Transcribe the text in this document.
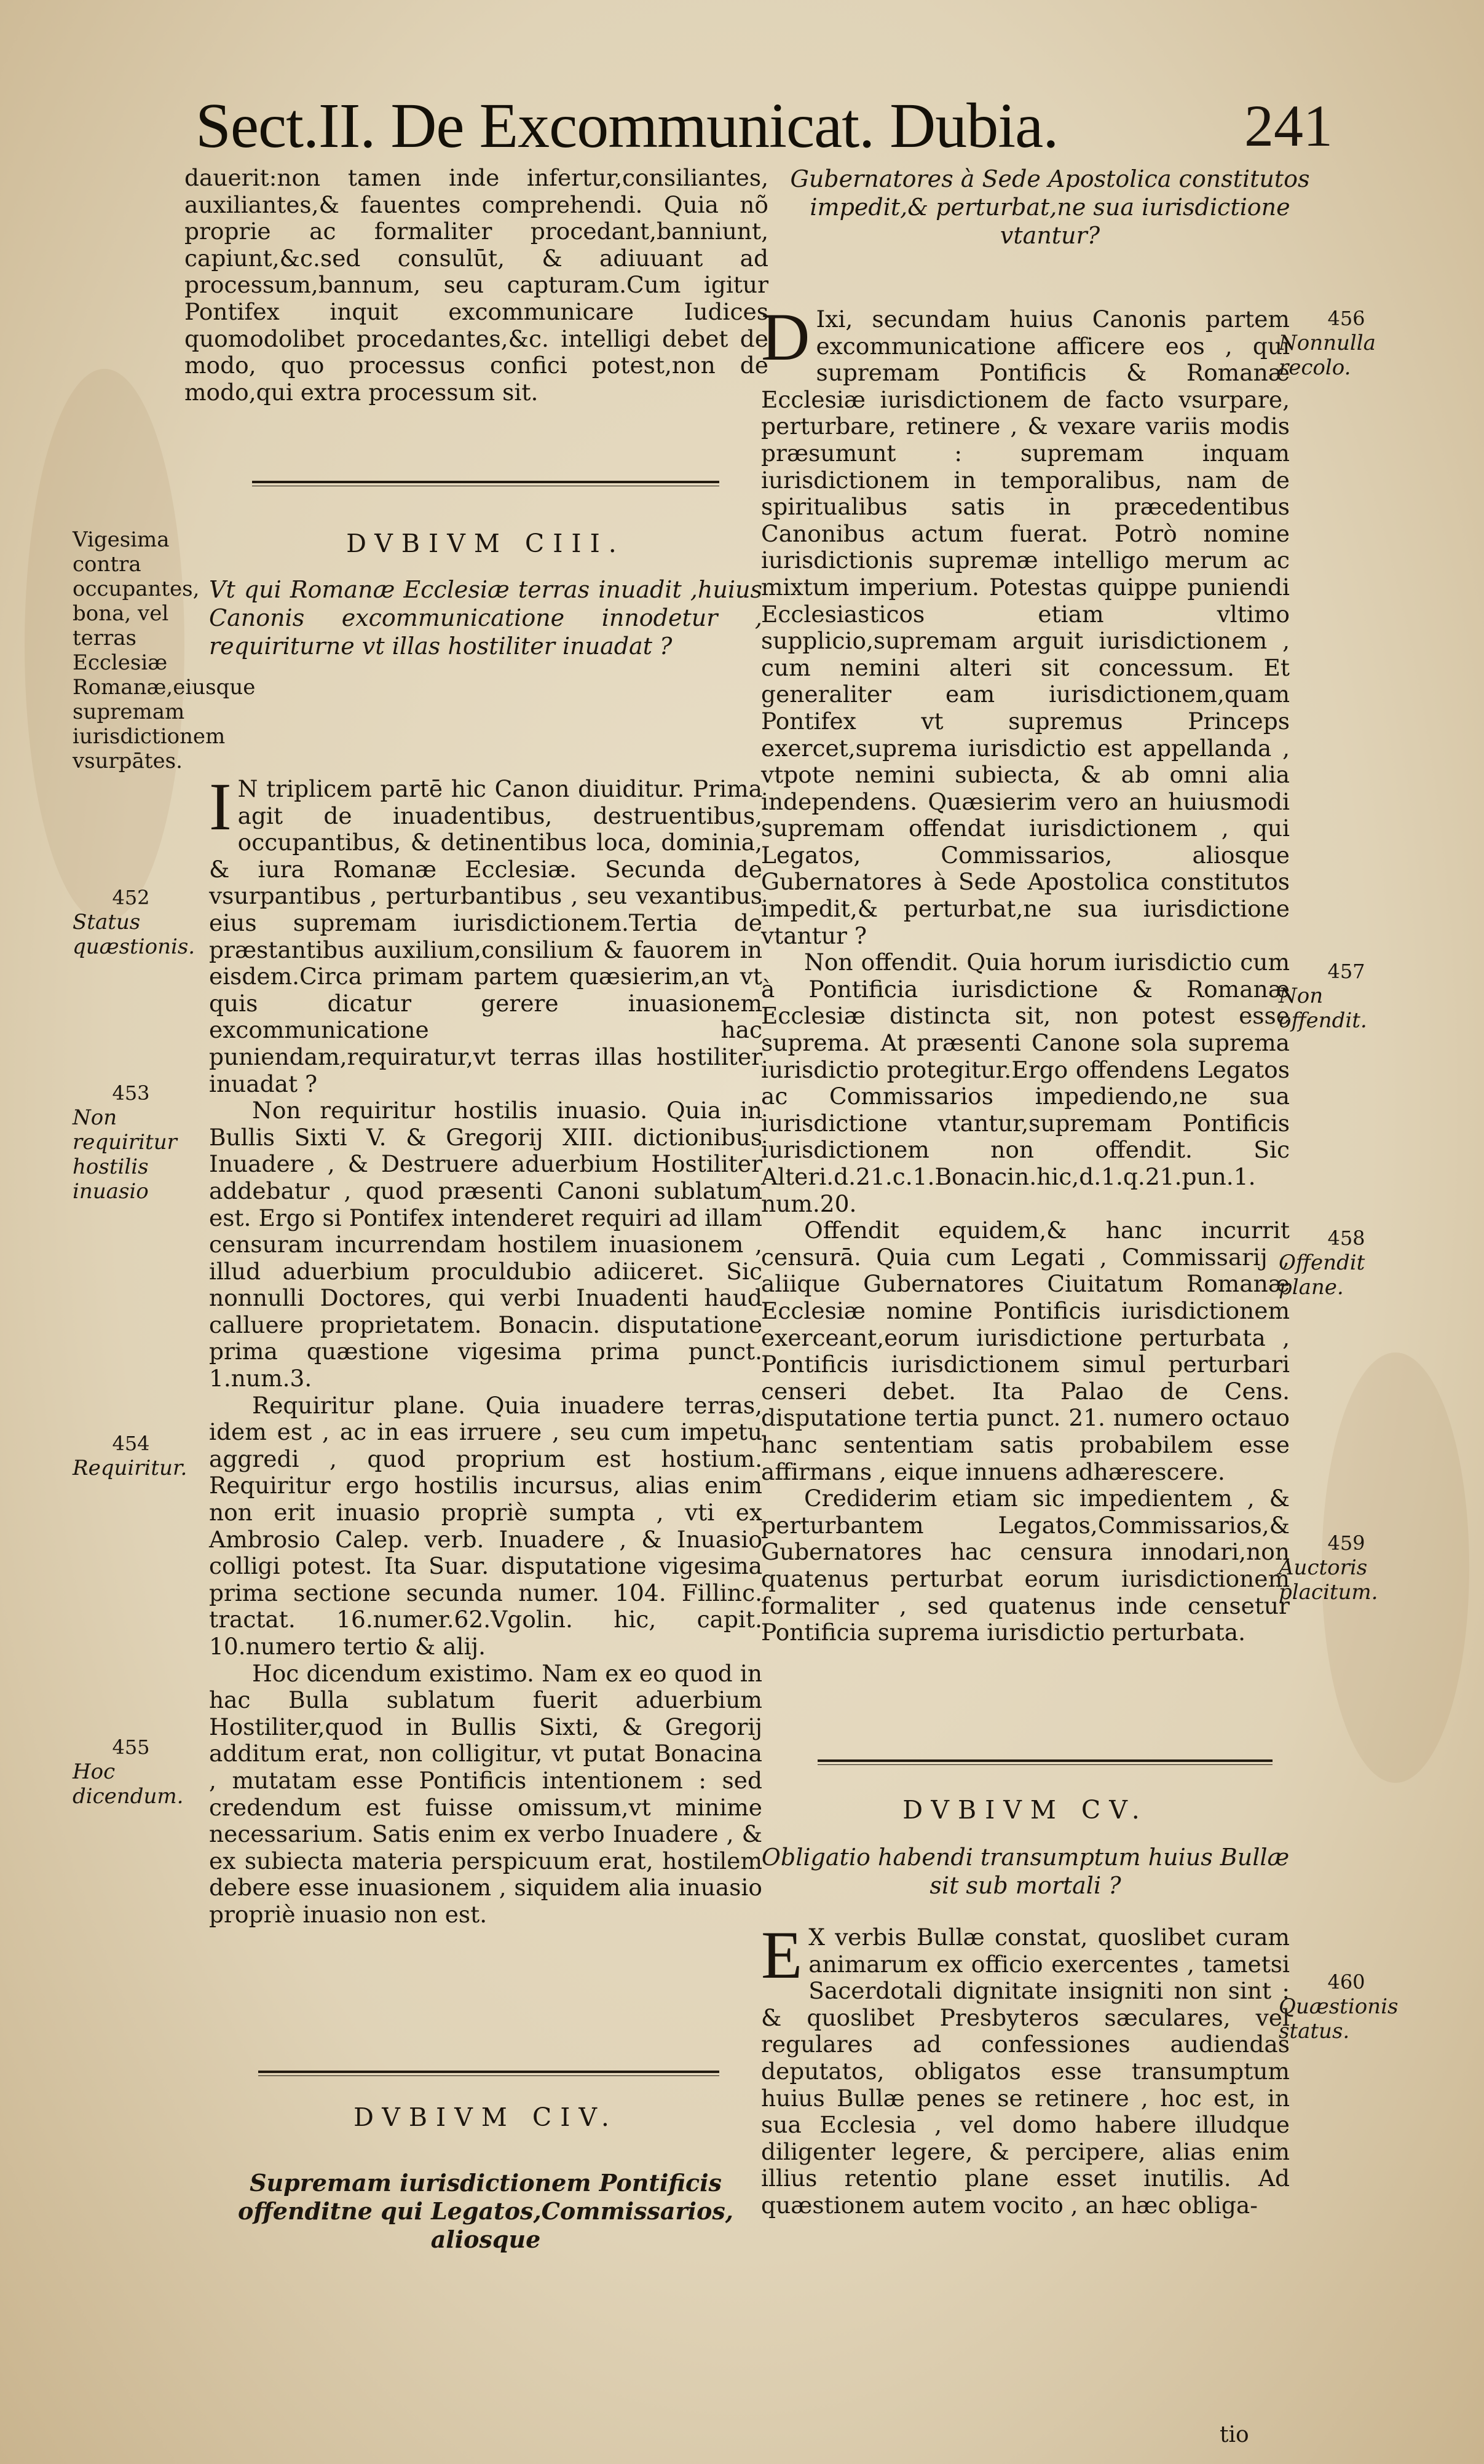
Sect.II. De Excommunicat. Dubia.	241

dauerit:non tamen inde infertur,consiliantes, auxiliantes,& fauentes comprehendi. Quia nõ proprie ac formaliter procedant,banniunt, capiunt,&c.sed consulūt, & adiuuant ad processum,bannum, seu capturam.Cum igitur Pontifex inquit excommunicare Iudices quomodolibet procedantes,&c. intelligi debet de modo, quo processus confici potest,non de modo,qui extra processum sit.

DVBIVM CIII.

Vt qui Romanæ Ecclesiæ terras inuadit ,huius Canonis excommunicatione innodetur , requiriturne vt illas hostiliter inuadat ?

I N triplicem partē hic Canon diuiditur. Prima agit de inuadentibus, destruentibus, occupantibus, & detinentibus loca, dominia, & iura Romanæ Ecclesiæ. Secunda de vsurpantibus , perturbantibus , seu vexantibus eius supremam iurisdictionem.Tertia de præstantibus auxilium,consilium & fauorem in eisdem.Circa primam partem quæsierim,an vt quis dicatur gerere inuasionem excommunicatione hac puniendam,requiratur,vt terras illas hostiliter inuadat ?

Non requiritur hostilis inuasio. Quia in Bullis Sixti V. & Gregorij XIII. dictionibus Inuadere , & Destruere aduerbium Hostiliter addebatur , quod præsenti Canoni sublatum est. Ergo si Pontifex intenderet requiri ad illam censuram incurrendam hostilem inuasionem , illud aduerbium proculdubio adiiceret. Sic nonnulli Doctores, qui verbi Inuadenti haud calluere proprietatem. Bonacin. disputatione prima quæstione vigesima prima punct. 1.num.3.

Requiritur plane. Quia inuadere terras, idem est , ac in eas irruere , seu cum impetu aggredi , quod proprium est hostium. Requiritur ergo hostilis incursus, alias enim non erit inuasio propriè sumpta , vti ex Ambrosio Calep. verb. Inuadere , & Inuasio colligi potest. Ita Suar. disputatione vigesima prima sectione secunda numer. 104. Fillinc. tractat. 16.numer.62.Vgolin. hic, capit. 10.numero tertio & alij.

Hoc dicendum existimo. Nam ex eo quod in hac Bulla sublatum fuerit aduerbium Hostiliter,quod in Bullis Sixti, & Gregorij additum erat, non colligitur, vt putat Bonacina , mutatam esse Pontificis intentionem : sed credendum est fuisse omissum,vt minime necessarium. Satis enim ex verbo Inuadere , & ex subiecta materia perspicuum erat, hostilem debere esse inuasionem , siquidem alia inuasio propriè inuasio non est.

DVBIVM CIV.

Supremam iurisdictionem Pontificis offenditne qui Legatos,Commissarios, aliosque

Vigesima contra occupantes, bona, vel terras Ecclesiæ Romanæ,eiusque supremam iurisdictionem vsurpātes.
452
Status quæstionis.
453
Non requiritur hostilis inuasio
454
Requiritur.
455
Hoc dicendum.

Gubernatores à Sede Apostolica constitutos impedit,& perturbat,ne sua iurisdictione vtantur?

D Ixi, secundam huius Canonis partem excommunicatione afficere eos , qui supremam Pontificis & Romanæ Ecclesiæ iurisdictionem de facto vsurpare, perturbare, retinere , & vexare variis modis præsumunt : supremam inquam iurisdictionem in temporalibus, nam de spiritualibus satis in præcedentibus Canonibus actum fuerat. Potrò nomine iurisdictionis supremæ intelligo merum ac mixtum imperium. Potestas quippe puniendi Ecclesiasticos etiam vltimo supplicio,supremam arguit iurisdictionem , cum nemini alteri sit concessum. Et generaliter eam iurisdictionem,quam Pontifex vt supremus Princeps exercet,suprema iurisdictio est appellanda , vtpote nemini subiecta, & ab omni alia independens. Quæsierim vero an huiusmodi supremam offendat iurisdictionem , qui Legatos, Commissarios, aliosque Gubernatores à Sede Apostolica constitutos impedit,& perturbat,ne sua iurisdictione vtantur ?

Non offendit. Quia horum iurisdictio cum à Pontificia iurisdictione & Romanæ Ecclesiæ distincta sit, non potest esse suprema. At præsenti Canone sola suprema iurisdictio protegitur.Ergo offendens Legatos ac Commissarios impediendo,ne sua iurisdictione vtantur,supremam Pontificis iurisdictionem non offendit. Sic Alteri.d.21.c.1.Bonacin.hic,d.1.q.21.pun.1. num.20.

Offendit equidem,& hanc incurrit censurā. Quia cum Legati , Commissarij , aliique Gubernatores Ciuitatum Romanæ Ecclesiæ nomine Pontificis iurisdictionem exerceant,eorum iurisdictione perturbata , Pontificis iurisdictionem simul perturbari censeri debet. Ita Palao de Cens. disputatione tertia punct. 21. numero octauo hanc sententiam satis probabilem esse affirmans , eique innuens adhærescere.

Crediderim etiam sic impedientem , & perturbantem Legatos,Commissarios,& Gubernatores hac censura innodari,non quatenus perturbat eorum iurisdictionem formaliter , sed quatenus inde censetur Pontificia suprema iurisdictio perturbata.

DVBIVM CV.

Obligatio habendi transumptum huius Bullæ sit sub mortali ?

E X verbis Bullæ constat, quoslibet curam animarum ex officio exercentes , tametsi Sacerdotali dignitate insigniti non sint : & quoslibet Presbyteros sæculares, vel regulares ad confessiones audiendas deputatos, obligatos esse transumptum huius Bullæ penes se retinere , hoc est, in sua Ecclesia , vel domo habere illudque diligenter legere, & percipere, alias enim illius retentio plane esset inutilis. Ad quæstionem autem vocito , an hæc obliga-

tio
456
Nonnulla recolo.
457
Non offendit.
458
Offendit plane.
459
Auctoris placitum.
460
Quæstionis status.
